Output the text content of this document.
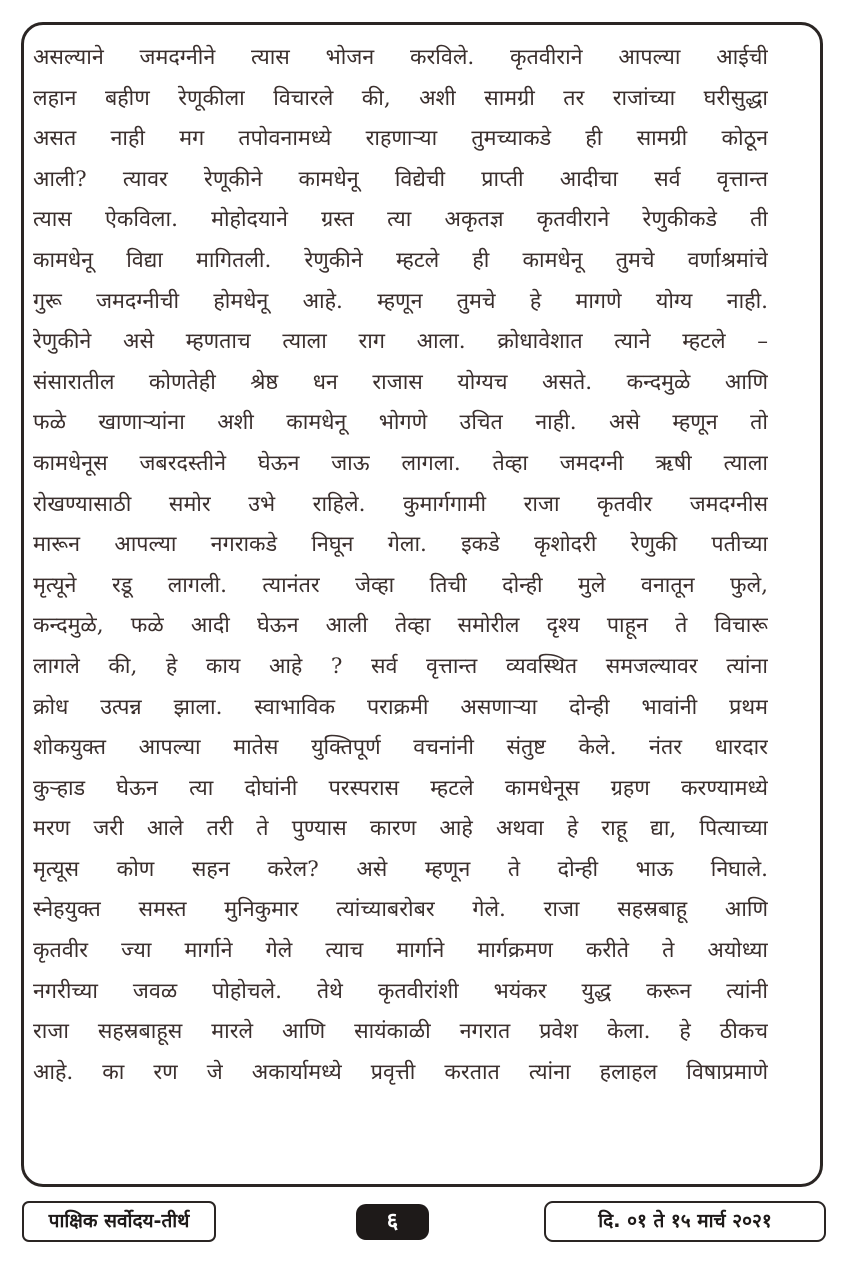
असल्याने जमदग्नीने त्यास भोजन करविले. कृतवीराने आपल्या आईची
लहान बहीण रेणूकीला विचारले की, अशी सामग्री तर राजांच्या घरीसुद्धा
असत नाही मग तपोवनामध्ये राहणाऱ्या तुमच्याकडे ही सामग्री कोठून
आली? त्यावर रेणूकीने कामधेनू विद्येची प्राप्ती आदीचा सर्व वृत्तान्त
त्यास ऐकविला. मोहोदयाने ग्रस्त त्या अकृतज्ञ कृतवीराने रेणुकीकडे ती
कामधेनू विद्या मागितली. रेणुकीने म्हटले ही कामधेनू तुमचे वर्णाश्रमांचे
गुरू जमदग्नीची होमधेनू आहे. म्हणून तुमचे हे मागणे योग्य नाही.
रेणुकीने असे म्हणताच त्याला राग आला. क्रोधावेशात त्याने म्हटले –
संसारातील कोणतेही श्रेष्ठ धन राजास योग्यच असते. कन्दमुळे आणि
फळे खाणाऱ्यांना अशी कामधेनू भोगणे उचित नाही. असे म्हणून तो
कामधेनूस जबरदस्तीने घेऊन जाऊ लागला. तेव्हा जमदग्नी ऋषी त्याला
रोखण्यासाठी समोर उभे राहिले. कुमार्गगामी राजा कृतवीर जमदग्नीस
मारून आपल्या नगराकडे निघून गेला. इकडे कृशोदरी रेणुकी पतीच्या
मृत्यूने रडू लागली. त्यानंतर जेव्हा तिची दोन्ही मुले वनातून फुले,
कन्दमुळे, फळे आदी घेऊन आली तेव्हा समोरील दृश्य पाहून ते विचारू
लागले की, हे काय आहे ? सर्व वृत्तान्त व्यवस्थित समजल्यावर त्यांना
क्रोध उत्पन्न झाला. स्वाभाविक पराक्रमी असणाऱ्या दोन्ही भावांनी प्रथम
शोकयुक्त आपल्या मातेस युक्तिपूर्ण वचनांनी संतुष्ट केले. नंतर धारदार
कुऱ्हाड घेऊन त्या दोघांनी परस्परास म्हटले कामधेनूस ग्रहण करण्यामध्ये
मरण जरी आले तरी ते पुण्यास कारण आहे अथवा हे राहू द्या, पित्याच्या
मृत्यूस कोण सहन करेल? असे म्हणून ते दोन्ही भाऊ निघाले.
स्नेहयुक्त समस्त मुनिकुमार त्यांच्याबरोबर गेले. राजा सहस्रबाहू आणि
कृतवीर ज्या मार्गाने गेले त्याच मार्गाने मार्गक्रमण करीते ते अयोध्या
नगरीच्या जवळ पोहोचले. तेथे कृतवीरांशी भयंकर युद्ध करून त्यांनी
राजा सहस्रबाहूस मारले आणि सायंकाळी नगरात प्रवेश केला. हे ठीकच
आहे. का रण जे अकार्यामध्ये प्रवृत्ती करतात त्यांना हलाहल विषाप्रमाणे
पाक्षिक सर्वोदय-तीर्थ	६	दि. ०१ ते १५ मार्च २०२१
